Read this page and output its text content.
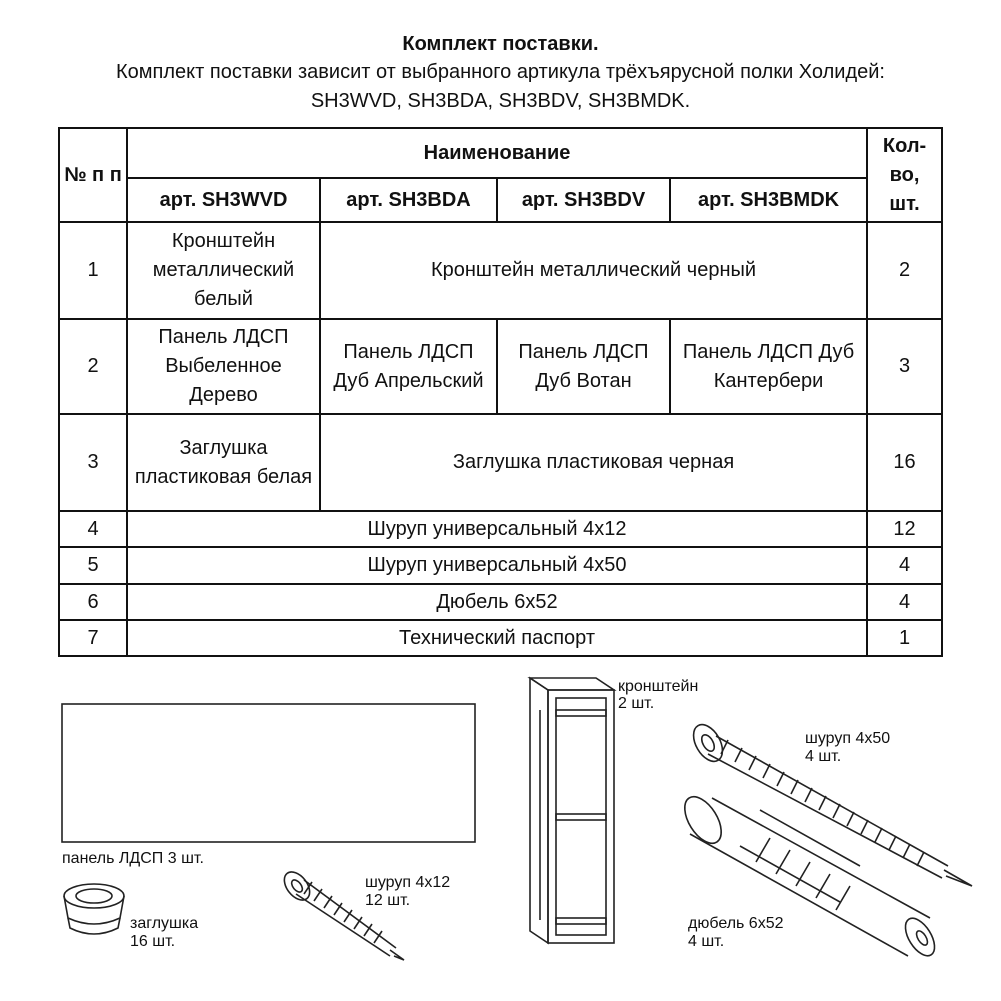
Комплект поставки.
Комплект поставки зависит от выбранного артикула трёхъярусной полки Холидей:
SH3WVD, SH3BDA, SH3BDV, SH3BMDK.
№ п п	Наименование				Кол-во, шт.
	арт. SH3WVD	арт. SH3BDA	арт. SH3BDV	арт. SH3BMDK	
1	Кронштейн металлический белый	Кронштейн металлический черный			2
2	Панель ЛДСП Выбеленное Дерево	Панель ЛДСП Дуб Апрельский	Панель ЛДСП Дуб Вотан	Панель ЛДСП Дуб Кантербери	3
3	Заглушка пластиковая белая	Заглушка пластиковая черная			16
4	Шуруп универсальный 4х12				12
5	Шуруп универсальный 4х50				4
6	Дюбель 6х52				4
7	Технический паспорт				1
кронштейн
2 шт.
шуруп 4х50
4 шт.
панель ЛДСП 3 шт.
шуруп 4х12
12 шт.
заглушка
16 шт.
дюбель 6х52
4 шт.
